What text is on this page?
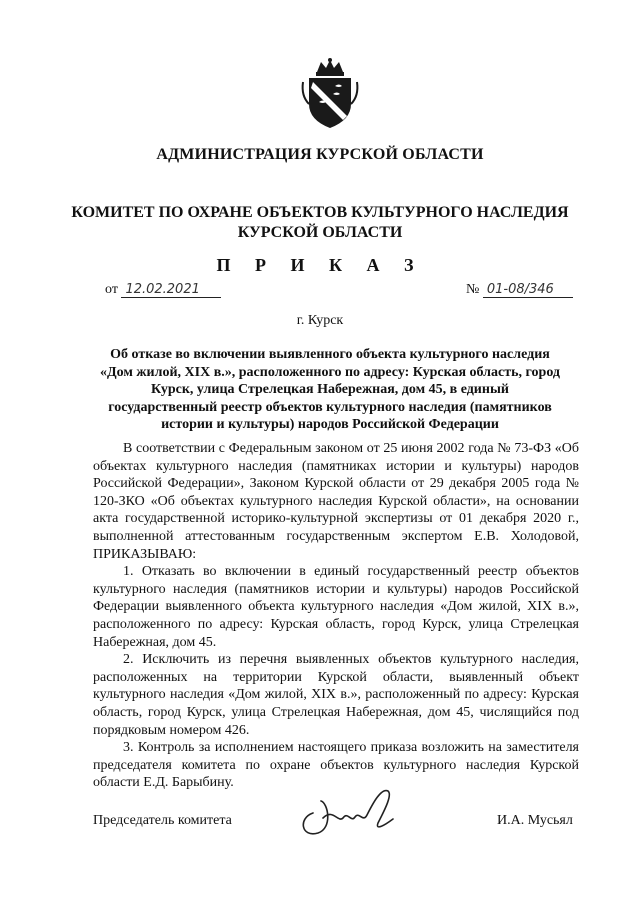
АДМИНИСТРАЦИЯ КУРСКОЙ ОБЛАСТИ
КОМИТЕТ ПО ОХРАНЕ ОБЪЕКТОВ КУЛЬТУРНОГО НАСЛЕДИЯ
КУРСКОЙ ОБЛАСТИ
П Р И К А З
от 12.02.2021	№ 01-08/346
г. Курск
Об отказе во включении выявленного объекта культурного наследия «Дом жилой, XIX в.», расположенного по адресу: Курская область, город Курск, улица Стрелецкая Набережная, дом 45, в единый государственный реестр объектов культурного наследия (памятников истории и культуры) народов Российской Федерации

В соответствии с Федеральным законом от 25 июня 2002 года № 73-ФЗ «Об объектах культурного наследия (памятниках истории и культуры) народов Российской Федерации», Законом Курской области от 29 декабря 2005 года № 120-ЗКО «Об объектах культурного наследия Курской области», на основании акта государственной историко-культурной экспертизы от 01 декабря 2020 г., выполненной аттестованным государственным экспертом Е.В. Холодовой, ПРИКАЗЫВАЮ:

1. Отказать во включении в единый государственный реестр объектов культурного наследия (памятников истории и культуры) народов Российской Федерации выявленного объекта культурного наследия «Дом жилой, XIX в.», расположенного по адресу: Курская область, город Курск, улица Стрелецкая Набережная, дом 45.

2. Исключить из перечня выявленных объектов культурного наследия, расположенных на территории Курской области, выявленный объект культурного наследия «Дом жилой, XIX в.», расположенный по адресу: Курская область, город Курск, улица Стрелецкая Набережная, дом 45, числящийся под порядковым номером 426.

3. Контроль за исполнением настоящего приказа возложить на заместителя председателя комитета по охране объектов культурного наследия Курской области Е.Д. Барыбину.

Председатель комитета	И.А. Мусьял
